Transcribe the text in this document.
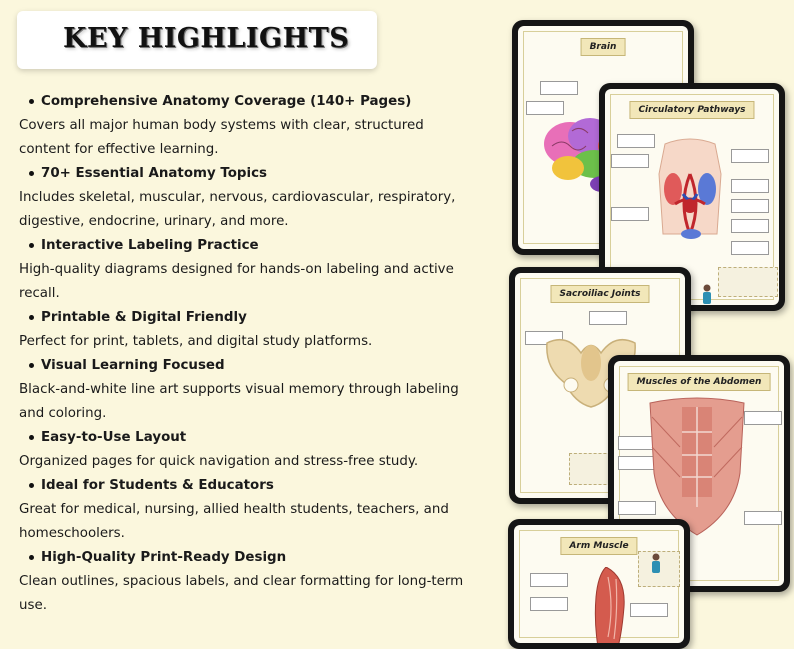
KEY HIGHLIGHTS
Comprehensive Anatomy Coverage (140+ Pages)
Covers all major human body systems with clear, structured
content for effective learning.
70+ Essential Anatomy Topics
Includes skeletal, muscular, nervous, cardiovascular, respiratory,
digestive, endocrine, urinary, and more.
Interactive Labeling Practice
High-quality diagrams designed for hands-on labeling and active
recall.
Printable & Digital Friendly
Perfect for print, tablets, and digital study platforms.
Visual Learning Focused
Black-and-white line art supports visual memory through labeling
and coloring.
Easy-to-Use Layout
Organized pages for quick navigation and stress-free study.
Ideal for Students & Educators
Great for medical, nursing, allied health students, teachers, and
homeschoolers.
High-Quality Print-Ready Design
Clean outlines, spacious labels, and clear formatting for long-term
use.
Brain
Circulatory Pathways
Sacroiliac Joints
Muscles of the Abdomen
Arm Muscle
